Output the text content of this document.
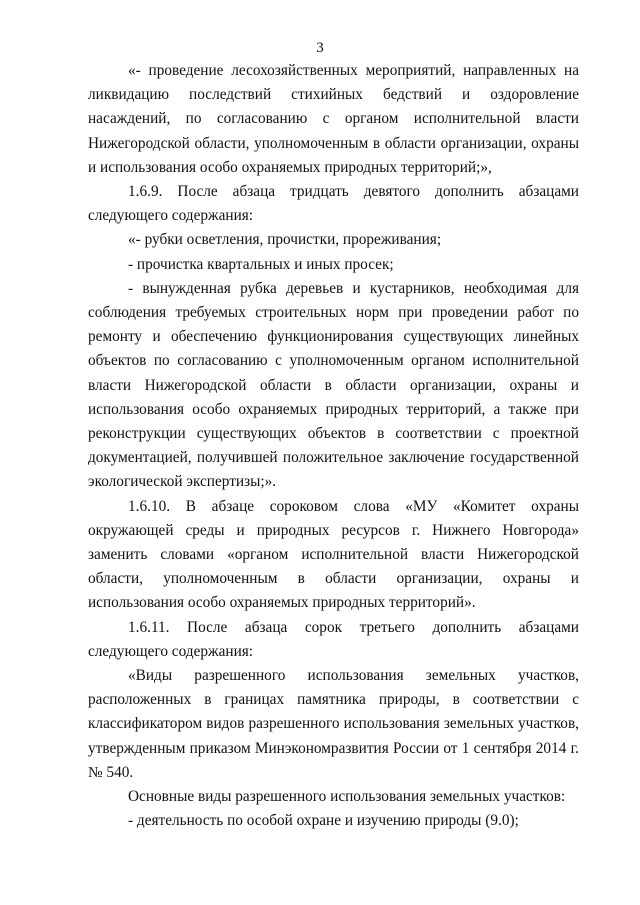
3

«- проведение лесохозяйственных мероприятий, направленных на ликвидацию последствий стихийных бедствий и оздоровление насаждений, по согласованию с органом исполнительной власти Нижегородской области, уполномоченным в области организации, охраны и использования особо охраняемых природных территорий;»,

1.6.9. После абзаца тридцать девятого дополнить абзацами следующего содержания:

«- рубки осветления, прочистки, прореживания;

- прочистка квартальных и иных просек;

- вынужденная рубка деревьев и кустарников, необходимая для соблюдения требуемых строительных норм при проведении работ по ремонту и обеспечению функционирования существующих линейных объектов по согласованию с уполномоченным органом исполнительной власти Нижегородской области в области организации, охраны и использования особо охраняемых природных территорий, а также при реконструкции существующих объектов в соответствии с проектной документацией, получившей положительное заключение государственной экологической экспертизы;».

1.6.10. В абзаце сороковом слова «МУ «Комитет охраны окружающей среды и природных ресурсов г. Нижнего Новгорода» заменить словами «органом исполнительной власти Нижегородской области, уполномоченным в области организации, охраны и использования особо охраняемых природных территорий».

1.6.11. После абзаца сорок третьего дополнить абзацами следующего содержания:

«Виды разрешенного использования земельных участков, расположенных в границах памятника природы, в соответствии с классификатором видов разрешенного использования земельных участков, утвержденным приказом Минэкономразвития России от 1 сентября 2014 г. № 540.

Основные виды разрешенного использования земельных участков:

- деятельность по особой охране и изучению природы (9.0);
